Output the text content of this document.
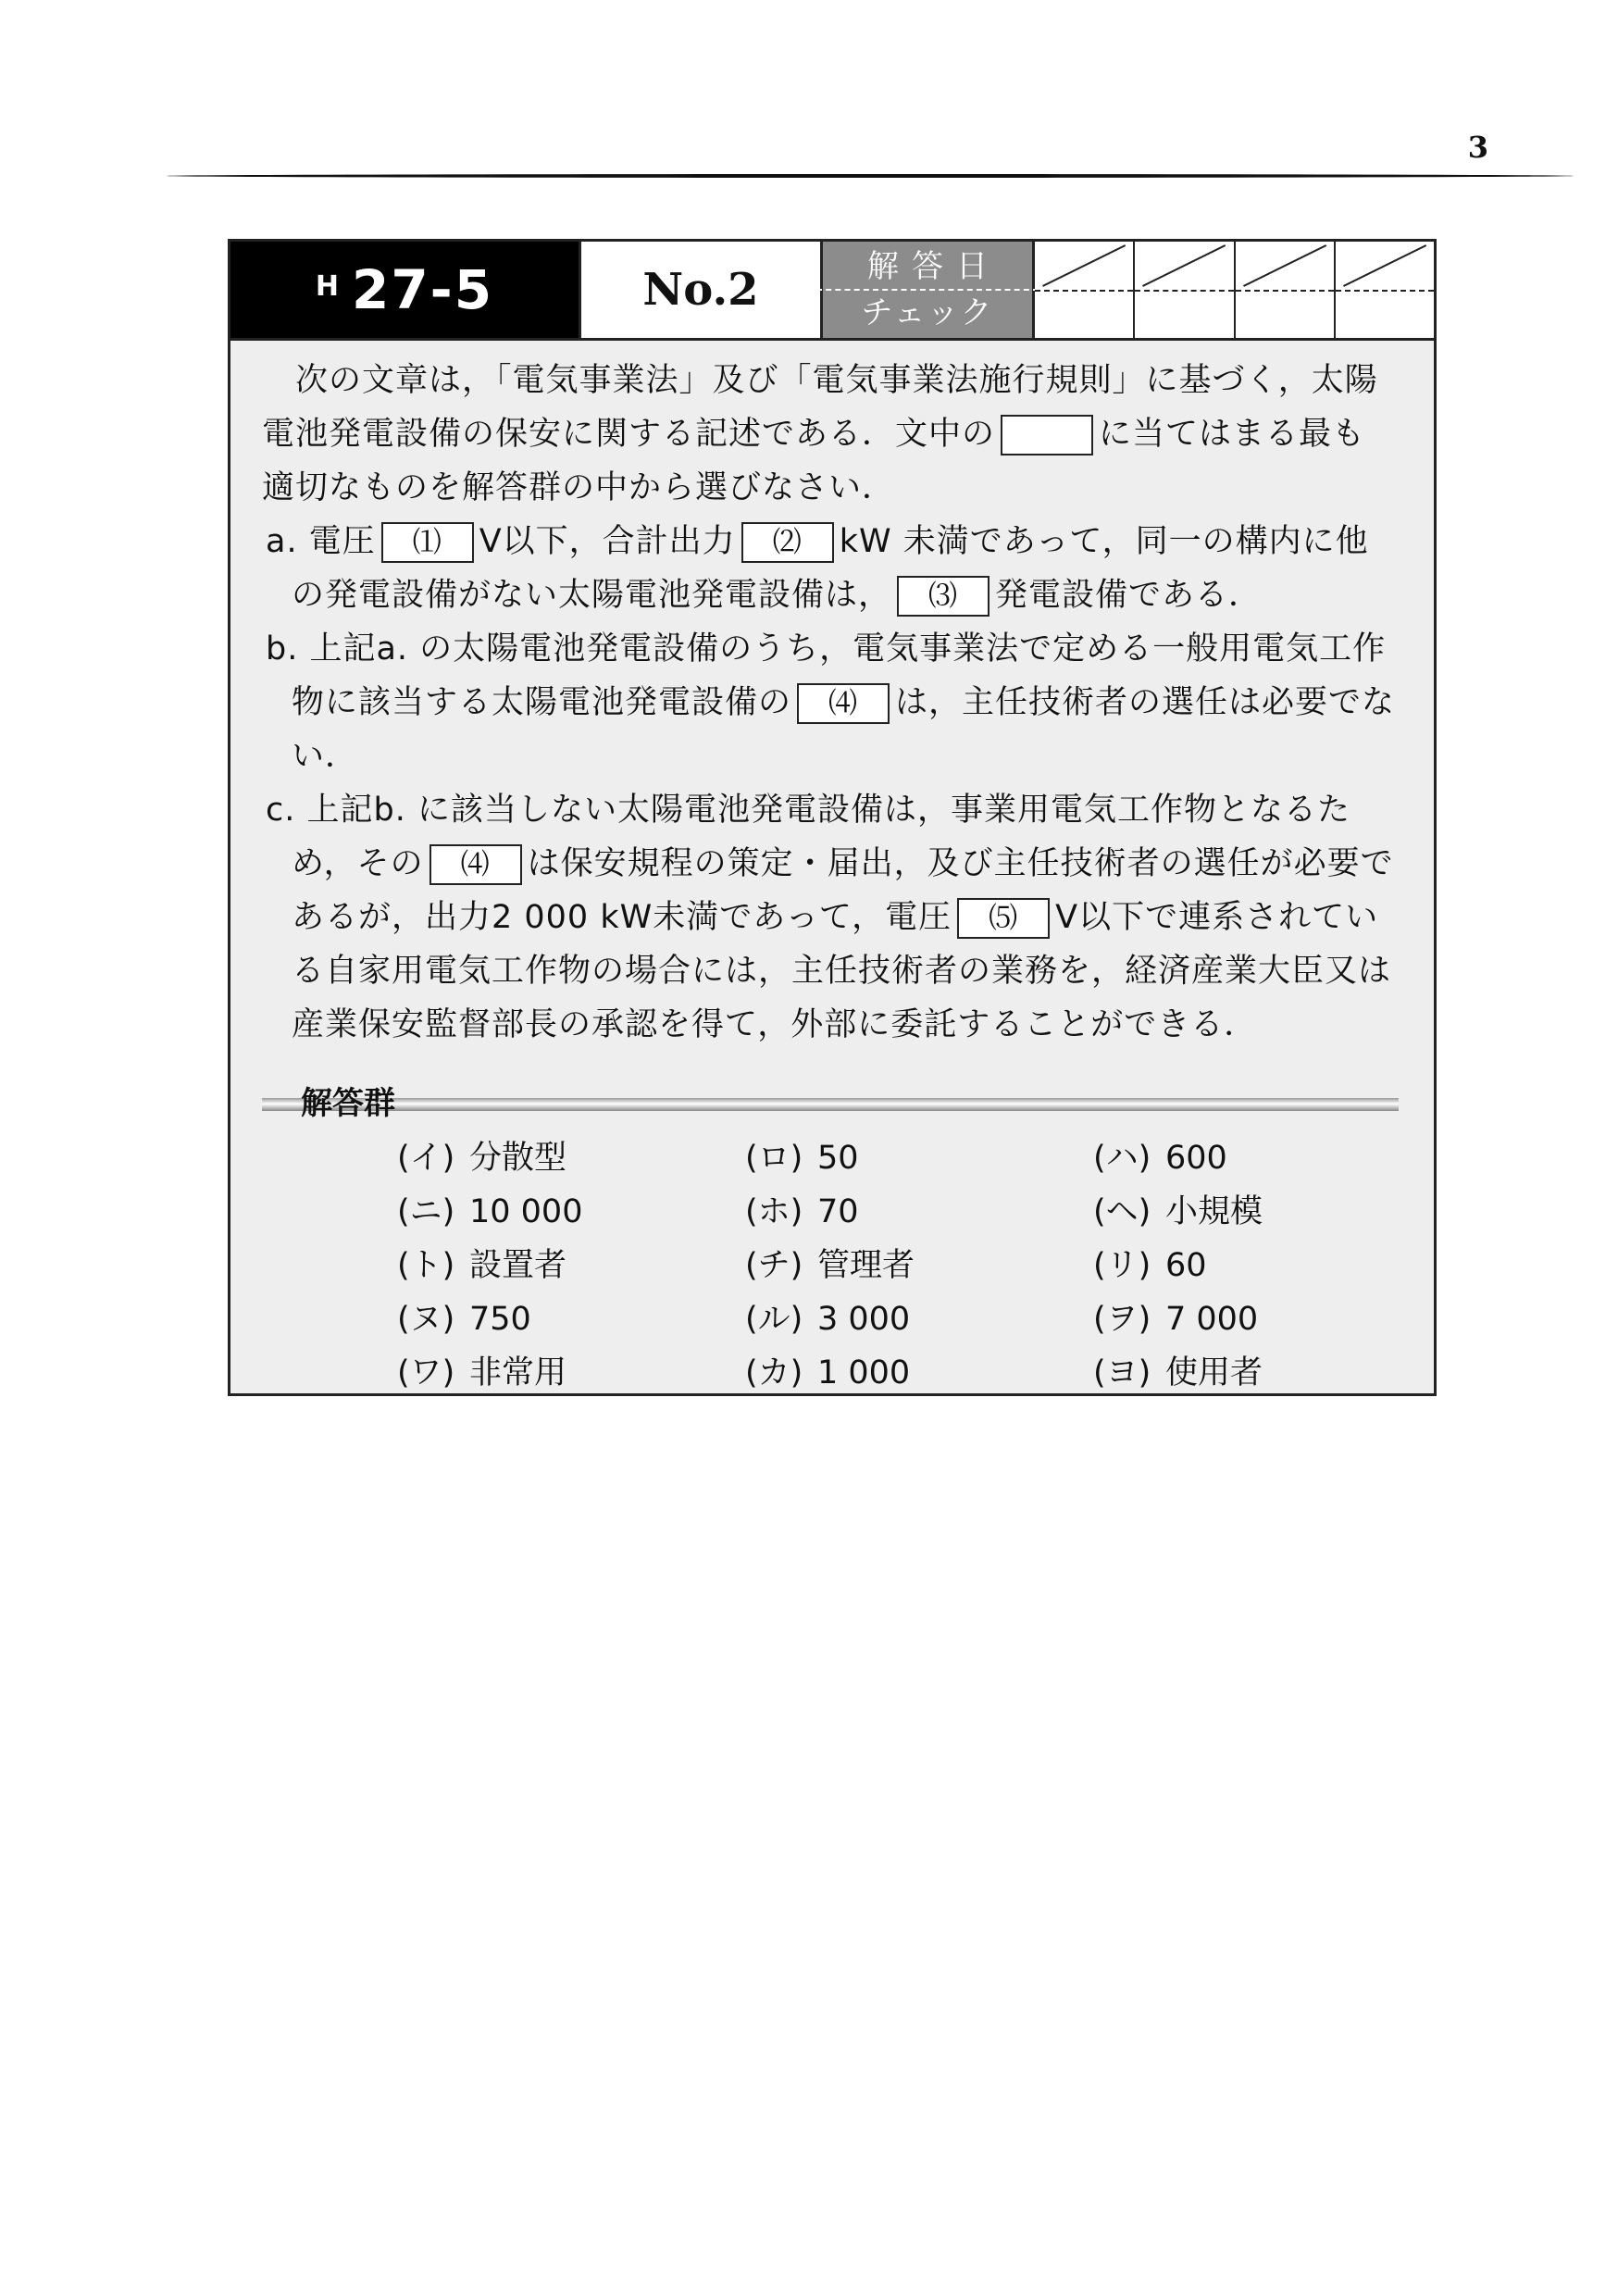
3
H 27-5	No.2	解答日
チェック

次の文章は，「電気事業法」及び「電気事業法施行規則」に基づく，太陽電池発電設備の保安に関する記述である．文中の	に当てはまる最も適切なものを解答群の中から選びなさい．

a. 電圧 ⑴ V以下，合計出力 ⑵ kW 未満であって，同一の構内に他の発電設備がない太陽電池発電設備は， ⑶ 発電設備である．

b. 上記a. の太陽電池発電設備のうち，電気事業法で定める一般用電気工作物に該当する太陽電池発電設備の ⑷ は，主任技術者の選任は必要でない．

c. 上記b. に該当しない太陽電池発電設備は，事業用電気工作物となるため，その ⑷ は保安規程の策定・届出，及び主任技術者の選任が必要であるが，出力2 000 kW未満であって，電圧 ⑸ V以下で連系されている自家用電気工作物の場合には，主任技術者の業務を，経済産業大臣又は産業保安監督部長の承認を得て，外部に委託することができる．

解答群
(イ) 分散型	(ロ) 50	(ハ) 600
(ニ) 10 000	(ホ) 70	(ヘ) 小規模
(ト) 設置者	(チ) 管理者	(リ) 60
(ヌ) 750	(ル) 3 000	(ヲ) 7 000
(ワ) 非常用	(カ) 1 000	(ヨ) 使用者
